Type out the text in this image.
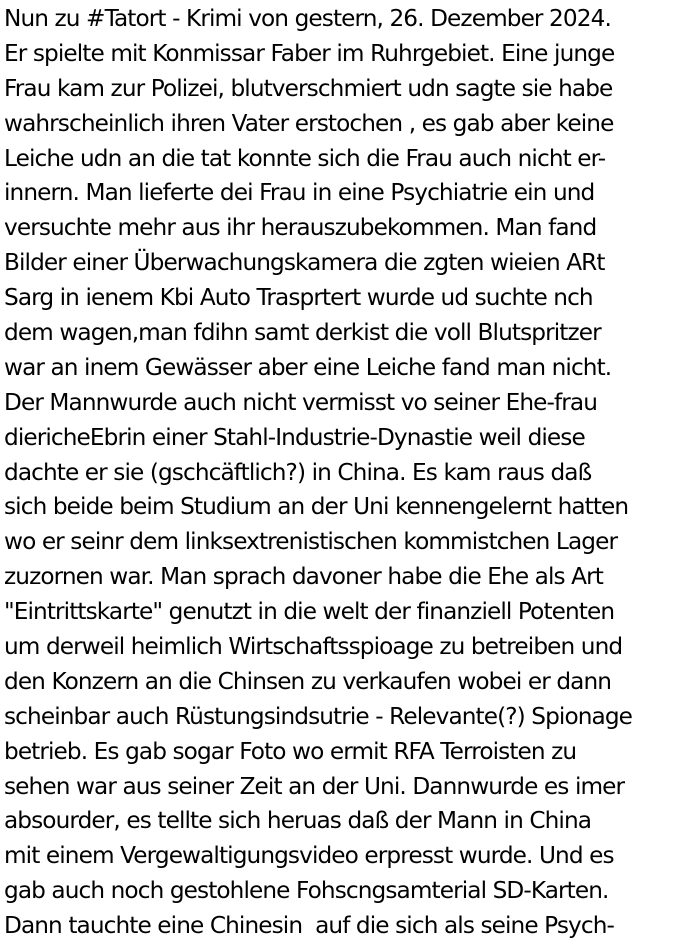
Nun zu #Tatort - Krimi von gestern, 26. Dezember 2024.
Er spielte mit Konmissar Faber im Ruhrgebiet. Eine junge
Frau kam zur Polizei, blutverschmiert udn sagte sie habe
wahrscheinlich ihren Vater erstochen , es gab aber keine
Leiche udn an die tat konnte sich die Frau auch nicht er-
innern. Man lieferte dei Frau in eine Psychiatrie ein und
versuchte mehr aus ihr herauszubekommen. Man fand
Bilder einer Überwachungskamera die zgten wieien ARt
Sarg in ienem Kbi Auto Trasprtert wurde ud suchte nch
dem wagen,man fdihn samt derkist die voll Blutspritzer
war an inem Gewässer aber eine Leiche fand man nicht.
Der Mannwurde auch nicht vermisst vo seiner Ehe-frau
diericheEbrin einer Stahl-Industrie-Dynastie weil diese
dachte er sie (gschcäftlich?) in China. Es kam raus daß
sich beide beim Studium an der Uni kennengelernt hatten
wo er seinr dem linksextrenistischen kommistchen Lager
zuzornen war. Man sprach davoner habe die Ehe als Art
"Eintrittskarte" genutzt in die welt der finanziell Potenten
um derweil heimlich Wirtschaftsspioage zu betreiben und
den Konzern an die Chinsen zu verkaufen wobei er dann
scheinbar auch Rüstungsindsutrie - Relevante(?) Spionage
betrieb. Es gab sogar Foto wo ermit RFA Terroisten zu
sehen war aus seiner Zeit an der Uni. Dannwurde es imer
absourder, es tellte sich heruas daß der Mann in China
mit einem Vergewaltigungsvideo erpresst wurde. Und es
gab auch noch gestohlene Fohscngsamterial SD-Karten.
Dann tauchte eine Chinesin  auf die sich als seine Psych-
